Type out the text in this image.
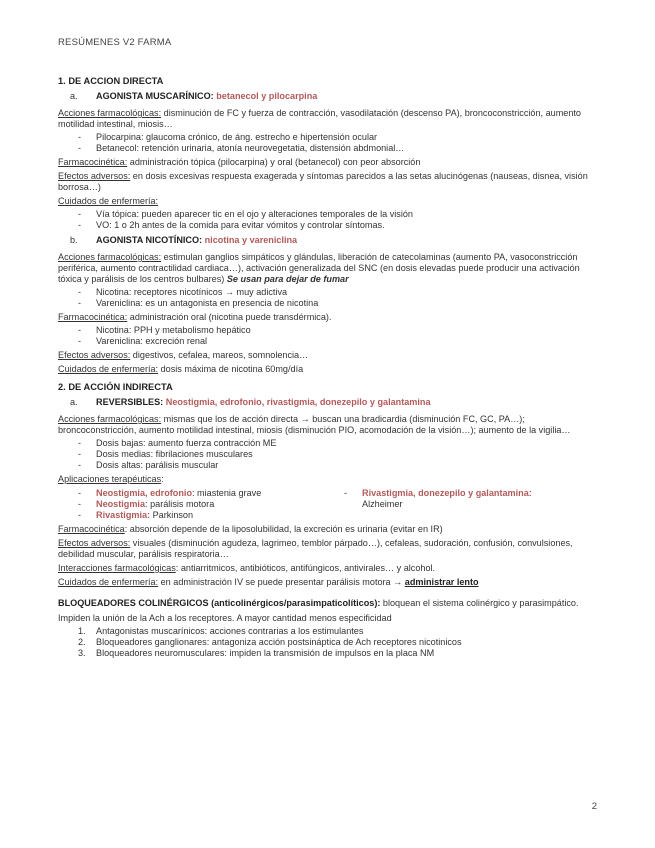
RESÚMENES V2 FARMA

1. DE ACCION DIRECTA

a.	AGONISTA MUSCARÍNICO: betanecol y pilocarpina

Acciones farmacológicas: disminución de FC y fuerza de contracción, vasodilatación (descenso PA), broncoconstricción, aumento motilidad intestinal, miosis…

-	Pilocarpina: glaucoma crónico, de áng. estrecho e hipertensión ocular
-	Betanecol: retención urinaria, atonía neurovegetatia, distensión abdmonial…

Farmacocinética: administración tópica (pilocarpina) y oral (betanecol) con peor absorción

Efectos adversos: en dosis excesivas respuesta exagerada y síntomas parecidos a las setas alucinógenas (nauseas, disnea, visión borrosa…)

Cuidados de enfermería:

-	Vía tópica: pueden aparecer tic en el ojo y alteraciones temporales de la visión
-	VO: 1 o 2h antes de la comida para evitar vómitos y controlar síntomas.
b.	AGONISTA NICOTÍNICO: nicotina y vareniclina

Acciones farmacológicas: estimulan ganglios simpáticos y glándulas, liberación de catecolaminas (aumento PA, vasoconstricción periférica, aumento contractilidad cardiaca…), activación generalizada del SNC (en dosis elevadas puede producir una activación tóxica y parálisis de los centros bulbares) Se usan para dejar de fumar

-	Nicotina: receptores nicotínicos → muy adictiva
-	Vareniclina: es un antagonista en presencia de nicotina

Farmacocinética: administración oral (nicotina puede transdérmica).

-	Nicotina: PPH y metabolismo hepático
-	Vareniclina: excreción renal

Efectos adversos: digestivos, cefalea, mareos, somnolencia…

Cuidados de enfermería: dosis máxima de nicotina 60mg/día

2. DE ACCIÓN INDIRECTA

a.	REVERSIBLES: Neostigmia, edrofonio, rivastigmia, donezepilo y galantamina

Acciones farmacológicas: mismas que los de acción directa → buscan una bradicardia (disminución FC, GC, PA…); broncoconstricción, aumento motilidad intestinal, miosis (disminución PIO, acomodación de la visión…); aumento de la vigilia…

-	Dosis bajas: aumento fuerza contracción ME
-	Dosis medias: fibrilaciones musculares
-	Dosis altas: parálisis muscular

Aplicaciones terapéuticas:

-	Neostigmia, edrofonio: miastenia grave
-	Neostigmia: parálisis motora
-	Rivastigmia: Parkinson
-	Rivastigmia, donezepilo y galantamina:
Alzheimer

Farmacocinética: absorción depende de la liposolubilidad, la excreción es urinaria (evitar en IR)

Efectos adversos: visuales (disminución agudeza, lagrimeo, temblor párpado…), cefaleas, sudoración, confusión, convulsiones, debilidad muscular, parálisis respiratoria…

Interacciones farmacológicas: antiarritmicos, antibióticos, antifúngicos, antivirales… y alcohol.

Cuidados de enfermería: en administración IV se puede presentar parálisis motora → administrar lento

BLOQUEADORES COLINÉRGICOS (anticolinérgicos/parasimpaticolíticos): bloquean el sistema colinérgico y parasimpático.

Impiden la unión de la Ach a los receptores. A mayor cantidad menos especificidad

1.	Antagonistas muscarínicos: acciones contrarias a los estimulantes
2.	Bloqueadores ganglionares: antagoniza acción postsináptica de Ach receptores nicotinicos
3.	Bloqueadores neuromusculares: impiden la transmisión de impulsos en la placa NM
2
